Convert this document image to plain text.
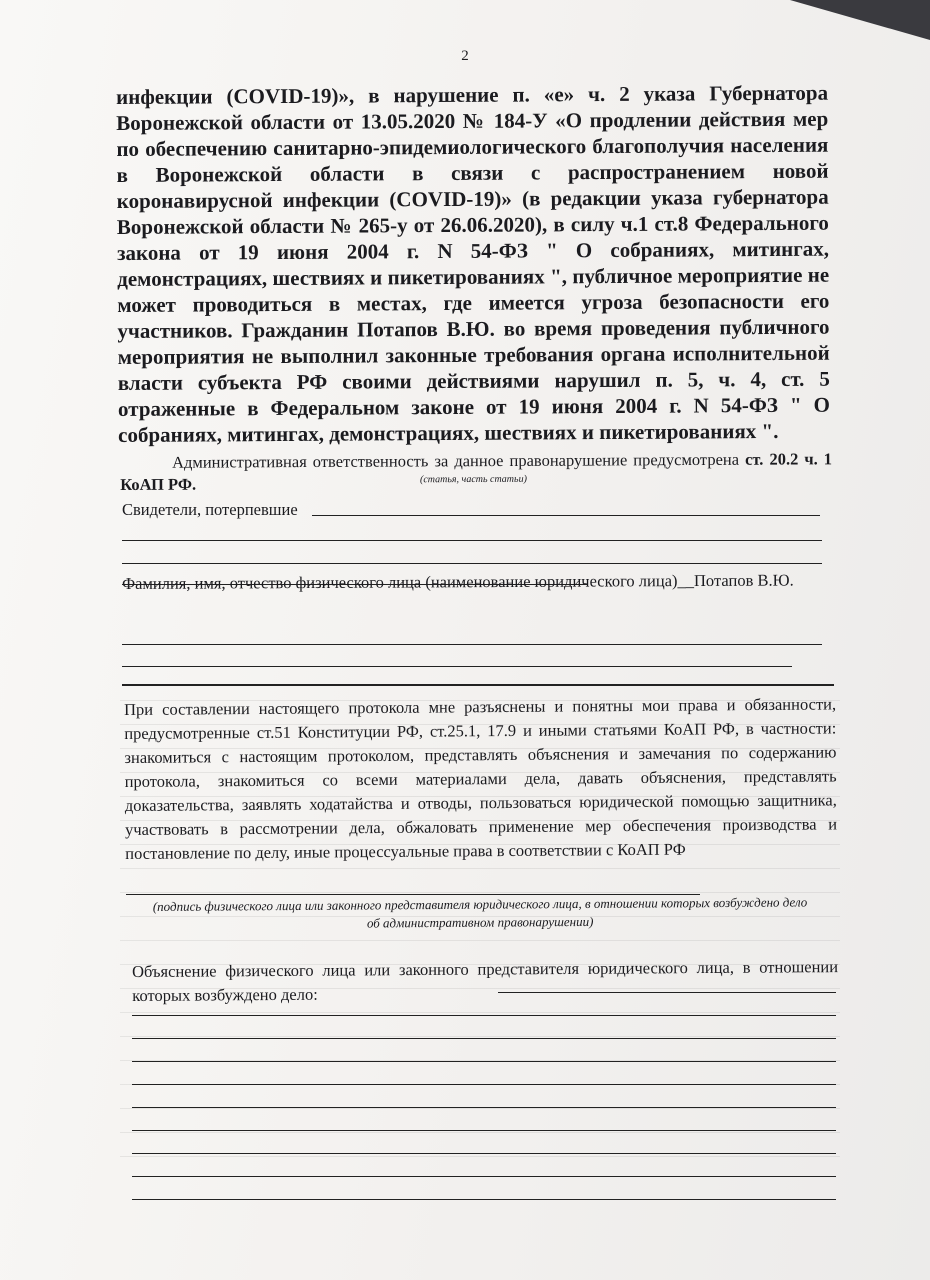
2

инфекции (COVID-19)», в нарушение п. «е» ч. 2 указа Губернатора Воронежской области от 13.05.2020 № 184-У «О продлении действия мер по обеспечению санитарно-эпидемиологического благополучия населения в Воронежской области в связи с распространением новой коронавирусной инфекции (COVID-19)» (в редакции указа губернатора Воронежской области № 265-у от 26.06.2020), в силу ч.1 ст.8 Федерального закона от 19 июня 2004 г. N 54-ФЗ " О собраниях, митингах, демонстрациях, шествиях и пикетированиях ", публичное мероприятие не может проводиться в местах, где имеется угроза безопасности его участников. Гражданин Потапов В.Ю. во время проведения публичного мероприятия не выполнил законные требования органа исполнительной власти субъекта РФ своими действиями нарушил п. 5, ч. 4, ст. 5 отраженные в Федеральном законе от 19 июня 2004 г. N 54-ФЗ " О собраниях, митингах, демонстрациях, шествиях и пикетированиях ".

Административная ответственность за данное правонарушение предусмотрена ст. 20.2 ч. 1 КоАП РФ.	(статья, часть статьи)
Свидетели, потерпевшие
Фамилия, имя, отчество физического лица (наименование юридического лица)__Потапов В.Ю.
При составлении настоящего протокола мне разъяснены и понятны мои права и обязанности, предусмотренные ст.51 Конституции РФ, ст.25.1, 17.9 и иными статьями КоАП РФ, в частности: знакомиться с настоящим протоколом, представлять объяснения и замечания по содержанию протокола, знакомиться со всеми материалами дела, давать объяснения, представлять доказательства, заявлять ходатайства и отводы, пользоваться юридической помощью защитника, участвовать в рассмотрении дела, обжаловать применение мер обеспечения производства и постановление по делу, иные процессуальные права в соответствии с КоАП РФ
(подпись физического лица или законного представителя юридического лица, в отношении которых возбуждено дело об административном правонарушении)
Объяснение физического лица или законного представителя юридического лица, в отношении которых возбуждено дело:
